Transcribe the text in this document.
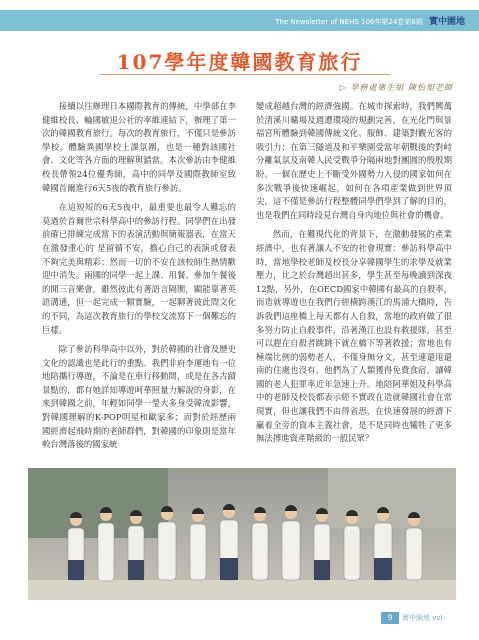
The Newsletter of NEHS 106年第24卷第6期 實中園地
107學年度韓國教育旅行
▷ 學務處衛生組 陳怡旭老師

接續以往辦理日本國際教育的傳統，中學部在李健維校長、輪國敏退公社的率維連結下，辦理了第一次的韓國教育旅行。每次的教育旅行，不僅只是參訪學校，體驗異國學校上課氛圍，也是一種對該國社會、文化等各方面的理解與錯當。本次參訪由李健維校長帶領24位優秀師，高中的同學及國際教師室致韓國首爾進行6天5夜的教育旅行參訪。

在這短短的6天5夜中，最重要也最令人難忘的莫過於首爾世宗科學高中的參訪行程。同學們在出發前確已排練完成當下的表演活動與簡報器表，在當天在激發重心的 是留循不安，擔心自己的表演或發表不夠完美與精彩；然而一切的不安在該校師生熱情歡迎中消失。兩國的同學一起上課、用餐、參加午餐後的閒三音樂會，雖然彼此有著語言隔閡，顯能靠著英語溝通，但一起完成一顆實驗，一起聊著彼此間文化的不同，為這次教育旅行的學校交流寫下一個難忘的巨樣。

除了參訪科學高中以外，對於韓國的社會及歷史文化的認識也是此行的重點。我們非府李運地有一位地陪攜行導遊，不論是在車行移動間，或是在各古蹟景點的，都有她詳知導遊呵華照量力解說的身影，在來到韓國之前，年輕如同學一瑩大多身受韓流影響，對韓國理解的K-POP明星和歐家多；而對於經歷兩國經濟起飛時期的老師群們，對韓國的印象則是當年較台灣落後的國家統

變成超越台灣的經濟強國。在城市探索時，我們興萬於清溪川曠場及週遭環境的規劃完善，在光化門與景福宮所體驗到韓國傳統文化、服飾、建築對觀光客的吸引力；在第三隧道及和平樂園受當年朝戰後的對峙分離氣氛及南韓人民受戰爭分隔兩地對團圓的殷殷期盼。一個在歷史上不斷受外國勢力入侵的國家如何在多次戰爭後快速崛起，如何在各項產業做到世界頂尖，這不僅是參訪行程整體同學們學到了解的目的，也是我們在同時段見台灣自身內地位與社會的機會。

然而，在難現代化的背景下，在激動發展的產業經濟中，也有著讓人不安的社會現實：參訪科學高中時，當地學校老師及校長分享韓國學生的求學及就業壓力，比之於台灣超出甚多，學生甚至每晚讀到深夜12點，另外，在OECD國家中韓國有最高的自殺率，而造就導遊也在我們行經橫跨漢江的馬浦大橋時，告訴我們這座橋上每天都有人自殺，當地的政府做了很多努力防止自殺事件，沿著漢江也設有救援隊，甚至可以趕在自殺者跳跳下就在橋下等著救援；當地也有極端比例的弱勢老人，不僅身無分文，甚至連還甩還南的住處也沒有，他們為了人類獲得免費食宿，讓韓國的老人犯罪率近年急速上升。地陪阿華姐及科學高中的老師及校長都表示經不實政在造就韓國社會在常現實，但也讓我們不由得省思，在快速發展的經濟下贏着全旁的資本主義社會，是不是同時也犧牲了更多無法搏進資產階級的一般民眾？

9	實中園地 vol.
